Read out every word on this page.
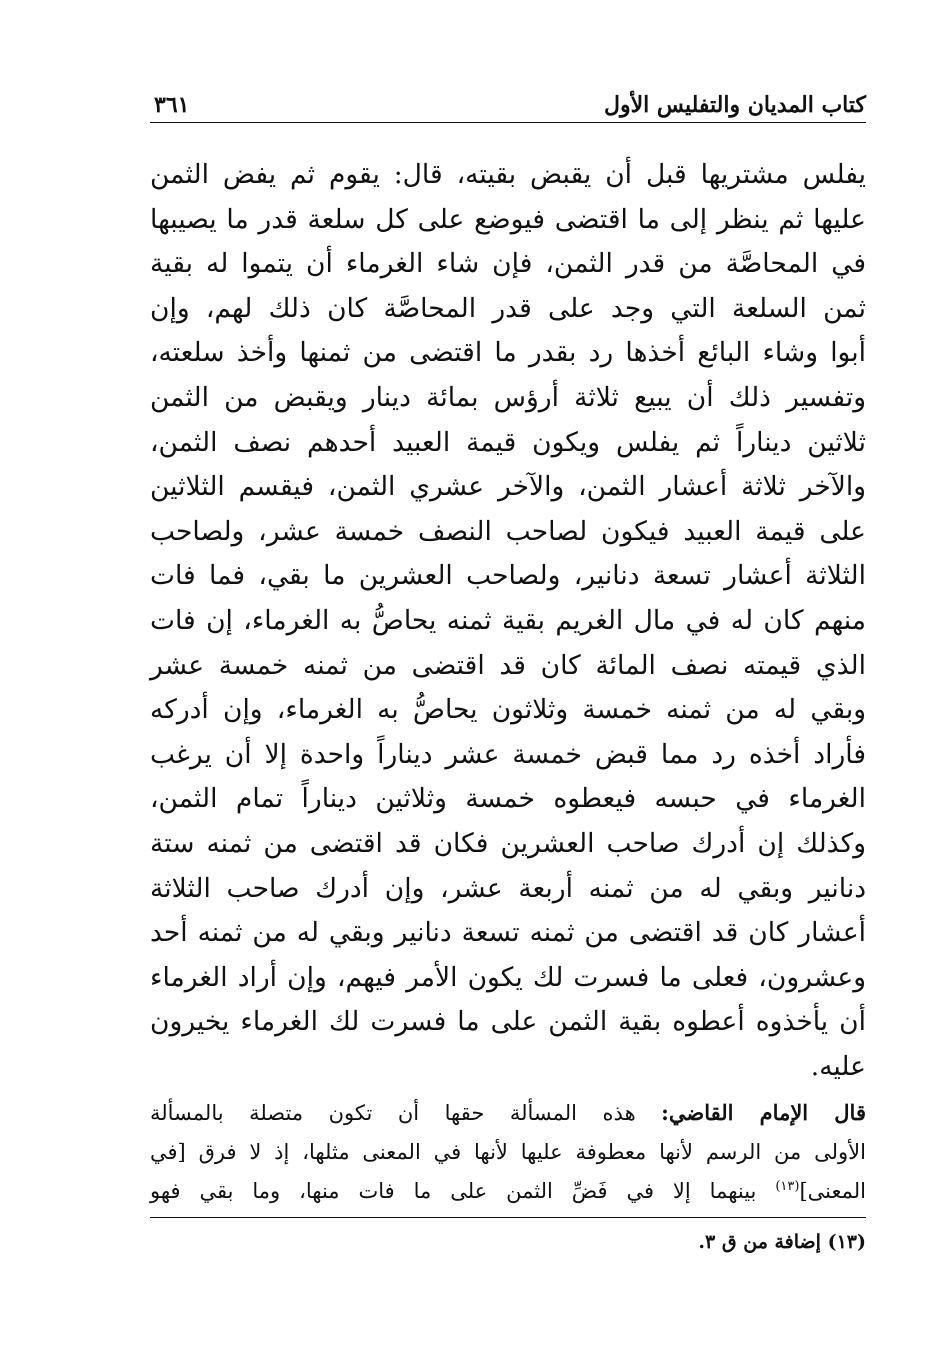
كتاب المديان والتفليس الأول
٣٦١
يفلس مشتريها قبل أن يقبض بقيته، قال: يقوم ثم يفض الثمن
عليها ثم ينظر إلى ما اقتضى فيوضع على كل سلعة قدر ما يصيبها
في المحاصَّة من قدر الثمن، فإن شاء الغرماء أن يتموا له بقية
ثمن السلعة التي وجد على قدر المحاصَّة كان ذلك لهم، وإن
أبوا وشاء البائع أخذها رد بقدر ما اقتضى من ثمنها وأخذ سلعته،
وتفسير ذلك أن يبيع ثلاثة أرؤس بمائة دينار ويقبض من الثمن
ثلاثين ديناراً ثم يفلس ويكون قيمة العبيد أحدهم نصف الثمن،
والآخر ثلاثة أعشار الثمن، والآخر عشري الثمن، فيقسم الثلاثين
على قيمة العبيد فيكون لصاحب النصف خمسة عشر، ولصاحب
الثلاثة أعشار تسعة دنانير، ولصاحب العشرين ما بقي، فما فات
منهم كان له في مال الغريم بقية ثمنه يحاصُّ به الغرماء، إن فات
الذي قيمته نصف المائة كان قد اقتضى من ثمنه خمسة عشر
وبقي له من ثمنه خمسة وثلاثون يحاصُّ به الغرماء، وإن أدركه
فأراد أخذه رد مما قبض خمسة عشر ديناراً واحدة إلا أن يرغب
الغرماء في حبسه فيعطوه خمسة وثلاثين ديناراً تمام الثمن،
وكذلك إن أدرك صاحب العشرين فكان قد اقتضى من ثمنه ستة
دنانير وبقي له من ثمنه أربعة عشر، وإن أدرك صاحب الثلاثة
أعشار كان قد اقتضى من ثمنه تسعة دنانير وبقي له من ثمنه أحد
وعشرون، فعلى ما فسرت لك يكون الأمر فيهم، وإن أراد الغرماء
أن يأخذوه أعطوه بقية الثمن على ما فسرت لك الغرماء يخيرون
عليه.
قال الإمام القاضي: هذه المسألة حقها أن تكون متصلة بالمسألة
الأولى من الرسم لأنها معطوفة عليها لأنها في المعنى مثلها، إذ لا فرق [في
المعنى]$^{(١٣)}$ بينهما إلا في فَضِّ الثمن على ما فات منها، وما بقي فهو
(١٣) إضافة من ق ٣.
